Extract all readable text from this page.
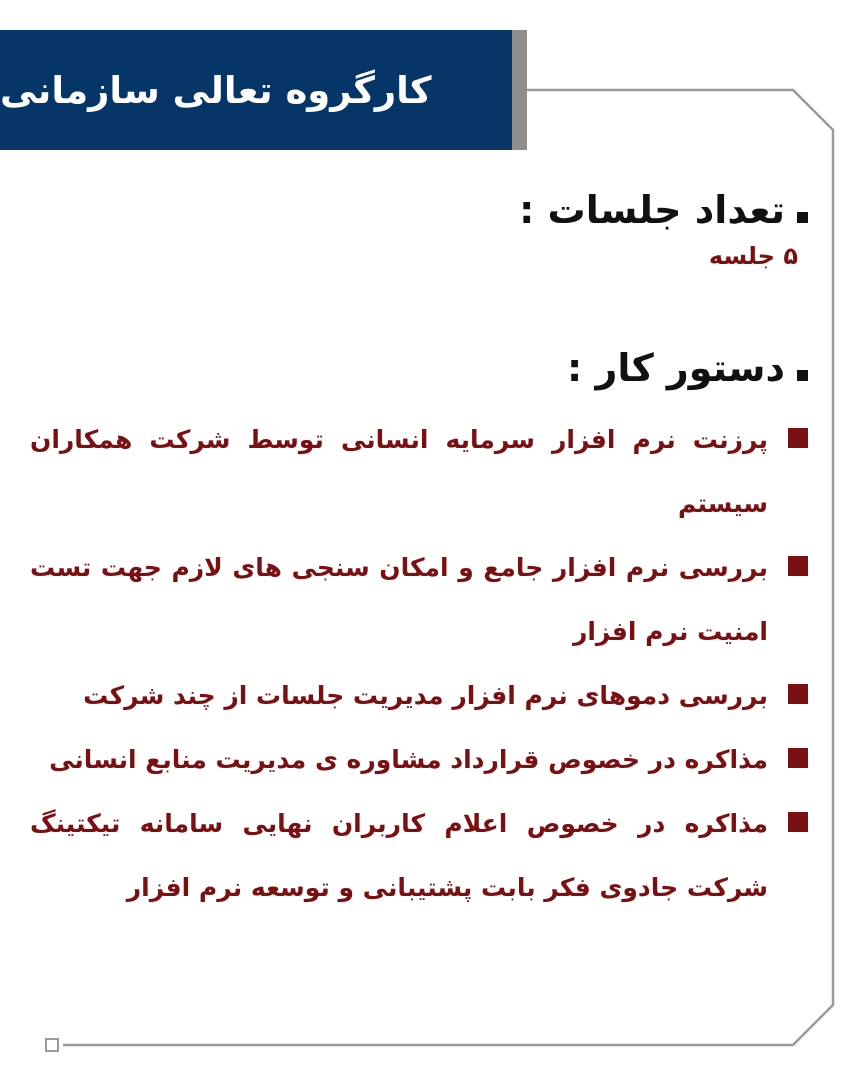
کارگروه تعالی سازمانی
تعداد جلسات :
۵ جلسه
دستور کار :
پرزنت نرم افزار سرمایه انسانی توسط شرکت همکاران سیستم
بررسی نرم افزار جامع و امکان سنجی های لازم جهت تست امنیت نرم افزار
بررسی دموهای نرم افزار مدیریت جلسات از چند شرکت
مذاکره در خصوص قرارداد مشاوره ی مدیریت منابع انسانی
مذاکره در خصوص اعلام کاربران نهایی سامانه تیکتینگ شرکت جادوی فکر بابت پشتیبانی و توسعه نرم افزار
